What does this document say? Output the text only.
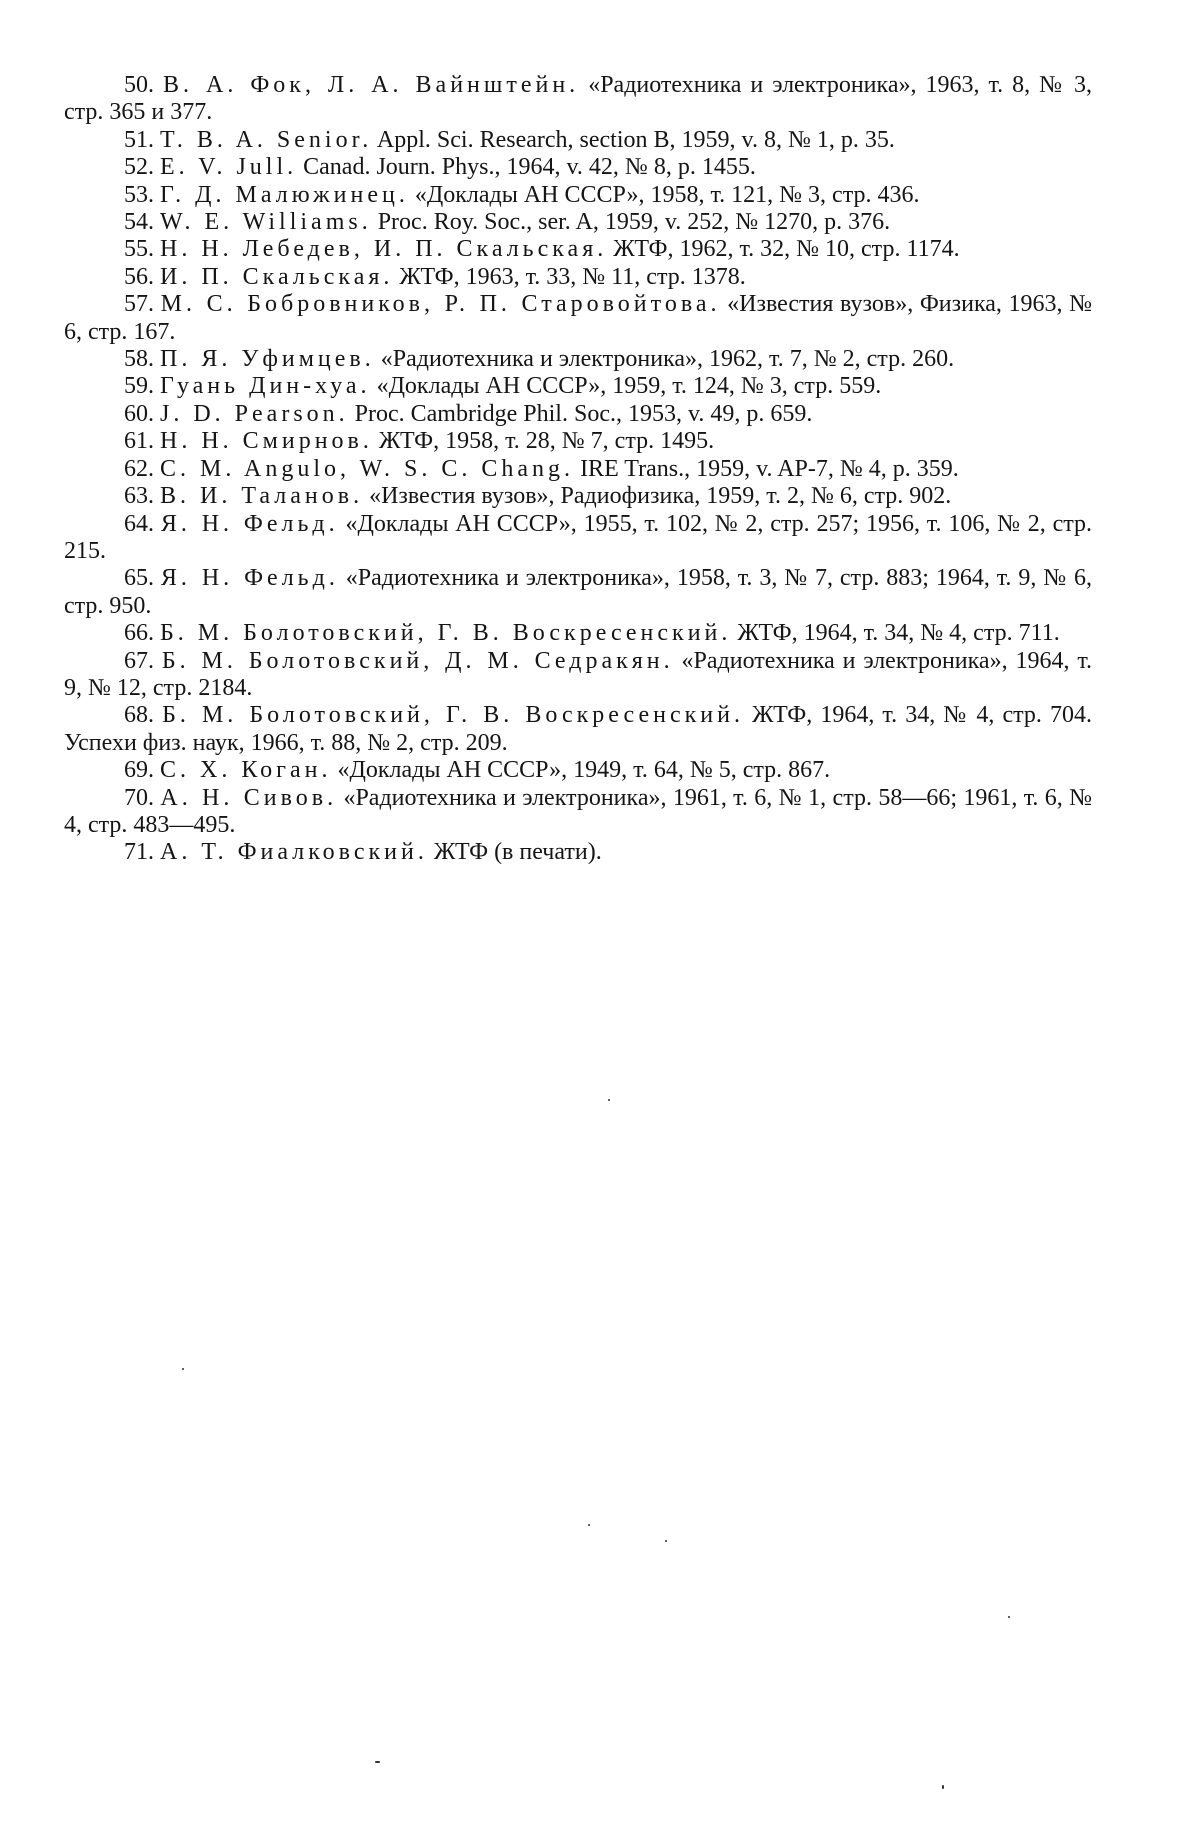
50. В. А. Фок, Л. А. Вайнштейн. «Радиотехника и электроника», 1963, т. 8, № 3, стр. 365 и 377.

51. T. B. A. Senior. Appl. Sci. Research, section B, 1959, v. 8, № 1, p. 35.

52. E. V. Jull. Canad. Journ. Phys., 1964, v. 42, № 8, p. 1455.

53. Г. Д. Малюжинец. «Доклады АН СССР», 1958, т. 121, № 3, стр. 436.

54. W. E. Williams. Proc. Roy. Soc., ser. A, 1959, v. 252, № 1270, p. 376.

55. Н. Н. Лебедев, И. П. Скальская. ЖТФ, 1962, т. 32, № 10, стр. 1174.

56. И. П. Скальская. ЖТФ, 1963, т. 33, № 11, стр. 1378.

57. М. С. Бобровников, Р. П. Старовойтова. «Известия вузов», Физика, 1963, № 6, стр. 167.

58. П. Я. Уфимцев. «Радиотехника и электроника», 1962, т. 7, № 2, стр. 260.

59. Гуань Дин-хуа. «Доклады АН СССР», 1959, т. 124, № 3, стр. 559.

60. J. D. Pearson. Proc. Cambridge Phil. Soc., 1953, v. 49, p. 659.

61. Н. Н. Смирнов. ЖТФ, 1958, т. 28, № 7, стр. 1495.

62. C. M. Angulo, W. S. C. Chang. IRE Trans., 1959, v. AP-7, № 4, p. 359.

63. В. И. Таланов. «Известия вузов», Радиофизика, 1959, т. 2, № 6, стр. 902.

64. Я. Н. Фельд. «Доклады АН СССР», 1955, т. 102, № 2, стр. 257; 1956, т. 106, № 2, стр. 215.

65. Я. Н. Фельд. «Радиотехника и электроника», 1958, т. 3, № 7, стр. 883; 1964, т. 9, № 6, стр. 950.

66. Б. М. Болотовский, Г. В. Воскресенский. ЖТФ, 1964, т. 34, № 4, стр. 711.

67. Б. М. Болотовский, Д. М. Седракян. «Радиотехника и электроника», 1964, т. 9, № 12, стр. 2184.

68. Б. М. Болотовский, Г. В. Воскресенский. ЖТФ, 1964, т. 34, № 4, стр. 704. Успехи физ. наук, 1966, т. 88, № 2, стр. 209.

69. С. Х. Коган. «Доклады АН СССР», 1949, т. 64, № 5, стр. 867.

70. А. Н. Сивов. «Радиотехника и электроника», 1961, т. 6, № 1, стр. 58—66; 1961, т. 6, № 4, стр. 483—495.

71. А. Т. Фиалковский. ЖТФ (в печати).
